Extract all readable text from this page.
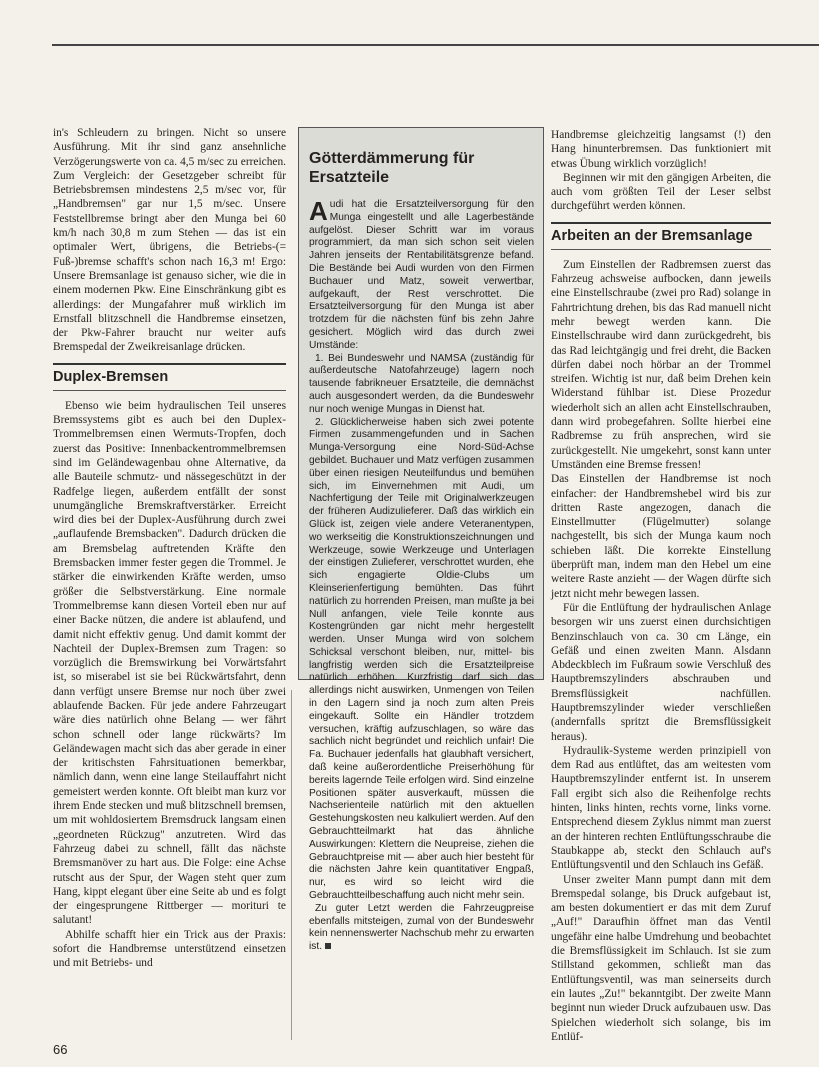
in's Schleudern zu bringen. Nicht so unsere Ausführung. Mit ihr sind ganz ansehnliche Verzögerungswerte von ca. 4,5 m/sec zu erreichen. Zum Vergleich: der Gesetzgeber schreibt für Betriebsbremsen mindestens 2,5 m/sec vor, für „Handbremsen" gar nur 1,5 m/sec. Unsere Feststellbremse bringt aber den Munga bei 60 km/h nach 30,8 m zum Stehen — das ist ein optimaler Wert, übrigens, die Betriebs-(= Fuß-)bremse schafft's schon nach 16,3 m! Ergo: Unsere Bremsanlage ist genauso sicher, wie die in einem modernen Pkw. Eine Einschränkung gibt es allerdings: der Mungafahrer muß wirklich im Ernstfall blitzschnell die Handbremse einsetzen, der Pkw-Fahrer braucht nur weiter aufs Bremspedal der Zweikreisanlage drücken.

Duplex-Bremsen

Ebenso wie beim hydraulischen Teil unseres Bremssystems gibt es auch bei den Duplex-Trommelbremsen einen Wermuts-Tropfen, doch zuerst das Positive: Innenbackentrommelbremsen sind im Geländewagenbau ohne Alternative, da alle Bauteile schmutz- und nässegeschützt in der Radfelge liegen, außerdem entfällt der sonst unumgängliche Bremskraftverstärker. Erreicht wird dies bei der Duplex-Ausführung durch zwei „auflaufende Bremsbacken". Dadurch drücken die am Bremsbelag auftretenden Kräfte den Bremsbacken immer fester gegen die Trommel. Je stärker die einwirkenden Kräfte werden, umso größer die Selbstverstärkung. Eine normale Trommelbremse kann diesen Vorteil eben nur auf einer Backe nützen, die andere ist ablaufend, und damit nicht effektiv genug. Und damit kommt der Nachteil der Duplex-Bremsen zum Tragen: so vorzüglich die Bremswirkung bei Vorwärtsfahrt ist, so miserabel ist sie bei Rückwärtsfahrt, denn dann verfügt unsere Bremse nur noch über zwei ablaufende Backen. Für jede andere Fahrzeugart wäre dies natürlich ohne Belang — wer fährt schon schnell oder lange rückwärts? Im Geländewagen macht sich das aber gerade in einer der kritischsten Fahrsituationen bemerkbar, nämlich dann, wenn eine lange Steilauffahrt nicht gemeistert werden konnte. Oft bleibt man kurz vor ihrem Ende stecken und muß blitzschnell bremsen, um mit wohldosiertem Bremsdruck langsam einen „geordneten Rückzug" anzutreten. Wird das Fahrzeug dabei zu schnell, fällt das nächste Bremsmanöver zu hart aus. Die Folge: eine Achse rutscht aus der Spur, der Wagen steht quer zum Hang, kippt elegant über eine Seite ab und es folgt der eingesprungene Rittberger — morituri te salutant!

Abhilfe schafft hier ein Trick aus der Praxis: sofort die Handbremse unterstützend einsetzen und mit Betriebs- und

Götterdämmerung für Ersatzteile

Audi hat die Ersatzteilversorgung für den Munga eingestellt und alle Lagerbestände aufgelöst. Dieser Schritt war im voraus programmiert, da man sich schon seit vielen Jahren jenseits der Rentabilitätsgrenze befand. Die Bestände bei Audi wurden von den Firmen Buchauer und Matz, soweit verwertbar, aufgekauft, der Rest verschrottet. Die Ersatzteilversorgung für den Munga ist aber trotzdem für die nächsten fünf bis zehn Jahre gesichert. Möglich wird das durch zwei Umstände:

1. Bei Bundeswehr und NAMSA (zuständig für außerdeutsche Natofahrzeuge) lagern noch tausende fabrikneuer Ersatzteile, die demnächst auch ausgesondert werden, da die Bundeswehr nur noch wenige Mungas in Dienst hat.

2. Glücklicherweise haben sich zwei potente Firmen zusammengefunden und in Sachen Munga-Versorgung eine Nord-Süd-Achse gebildet. Buchauer und Matz verfügen zusammen über einen riesigen Neuteilfundus und bemühen sich, im Einvernehmen mit Audi, um Nachfertigung der Teile mit Originalwerkzeugen der früheren Audizulieferer. Daß das wirklich ein Glück ist, zeigen viele andere Veteranentypen, wo werkseitig die Konstruktionszeichnungen und Werkzeuge, sowie Werkzeuge und Unterlagen der einstigen Zulieferer, verschrottet wurden, ehe sich engagierte Oldie-Clubs um Kleinserienfertigung bemühten. Das führt natürlich zu horrenden Preisen, man mußte ja bei Null anfangen, viele Teile konnte aus Kostengründen gar nicht mehr hergestellt werden. Unser Munga wird von solchem Schicksal verschont bleiben, nur, mittel- bis langfristig werden sich die Ersatzteilpreise natürlich erhöhen. Kurzfristig darf sich das allerdings nicht auswirken, Unmengen von Teilen in den Lagern sind ja noch zum alten Preis eingekauft. Sollte ein Händler trotzdem versuchen, kräftig aufzuschlagen, so wäre das sachlich nicht begründet und reichlich unfair! Die Fa. Buchauer jedenfalls hat glaubhaft versichert, daß keine außerordentliche Preiserhöhung für bereits lagernde Teile erfolgen wird. Sind einzelne Positionen später ausverkauft, müssen die Nachserienteile natürlich mit den aktuellen Gestehungskosten neu kalkuliert werden. Auf den Gebrauchtteilmarkt hat das ähnliche Auswirkungen: Klettern die Neupreise, ziehen die Gebrauchtpreise mit — aber auch hier besteht für die nächsten Jahre kein quantitativer Engpaß, nur, es wird so leicht wird die Gebrauchtteilbeschaffung auch nicht mehr sein.

Zu guter Letzt werden die Fahrzeugpreise ebenfalls mitsteigen, zumal von der Bundeswehr kein nennenswerter Nachschub mehr zu erwarten ist.

Handbremse gleichzeitig langsamst (!) den Hang hinunterbremsen. Das funktioniert mit etwas Übung wirklich vorzüglich!

Beginnen wir mit den gängigen Arbeiten, die auch vom größten Teil der Leser selbst durchgeführt werden können.

Arbeiten an der Bremsanlage

Zum Einstellen der Radbremsen zuerst das Fahrzeug achsweise aufbocken, dann jeweils eine Einstellschraube (zwei pro Rad) solange in Fahrtrichtung drehen, bis das Rad manuell nicht mehr bewegt werden kann. Die Einstellschraube wird dann zurückgedreht, bis das Rad leichtgängig und frei dreht, die Backen dürfen dabei noch hörbar an der Trommel streifen. Wichtig ist nur, daß beim Drehen kein Widerstand fühlbar ist. Diese Prozedur wiederholt sich an allen acht Einstellschrauben, dann wird probegefahren. Sollte hierbei eine Radbremse zu früh ansprechen, wird sie zurückgestellt. Nie umgekehrt, sonst kann unter Umständen eine Bremse fressen!

Das Einstellen der Handbremse ist noch einfacher: der Handbremshebel wird bis zur dritten Raste angezogen, danach die Einstellmutter (Flügelmutter) solange nachgestellt, bis sich der Munga kaum noch schieben läßt. Die korrekte Einstellung überprüft man, indem man den Hebel um eine weitere Raste anzieht — der Wagen dürfte sich jetzt nicht mehr bewegen lassen.

Für die Entlüftung der hydraulischen Anlage besorgen wir uns zuerst einen durchsichtigen Benzinschlauch von ca. 30 cm Länge, ein Gefäß und einen zweiten Mann. Alsdann Abdeckblech im Fußraum sowie Verschluß des Hauptbremszylinders abschrauben und Bremsflüssigkeit nachfüllen. Hauptbremszylinder wieder verschließen (andernfalls spritzt die Bremsflüssigkeit heraus).

Hydraulik-Systeme werden prinzipiell von dem Rad aus entlüftet, das am weitesten vom Hauptbremszylinder entfernt ist. In unserem Fall ergibt sich also die Reihenfolge rechts hinten, links hinten, rechts vorne, links vorne. Entsprechend diesem Zyklus nimmt man zuerst an der hinteren rechten Entlüftungsschraube die Staubkappe ab, steckt den Schlauch auf's Entlüftungsventil und den Schlauch ins Gefäß.

Unser zweiter Mann pumpt dann mit dem Bremspedal solange, bis Druck aufgebaut ist, am besten dokumentiert er das mit dem Zuruf „Auf!" Daraufhin öffnet man das Ventil ungefähr eine halbe Umdrehung und beobachtet die Bremsflüssigkeit im Schlauch. Ist sie zum Stillstand gekommen, schließt man das Entlüftungsventil, was man seinerseits durch ein lautes „Zu!" bekanntgibt. Der zweite Mann beginnt nun wieder Druck aufzubauen usw. Das Spielchen wiederholt sich solange, bis im Entlüf-

66
